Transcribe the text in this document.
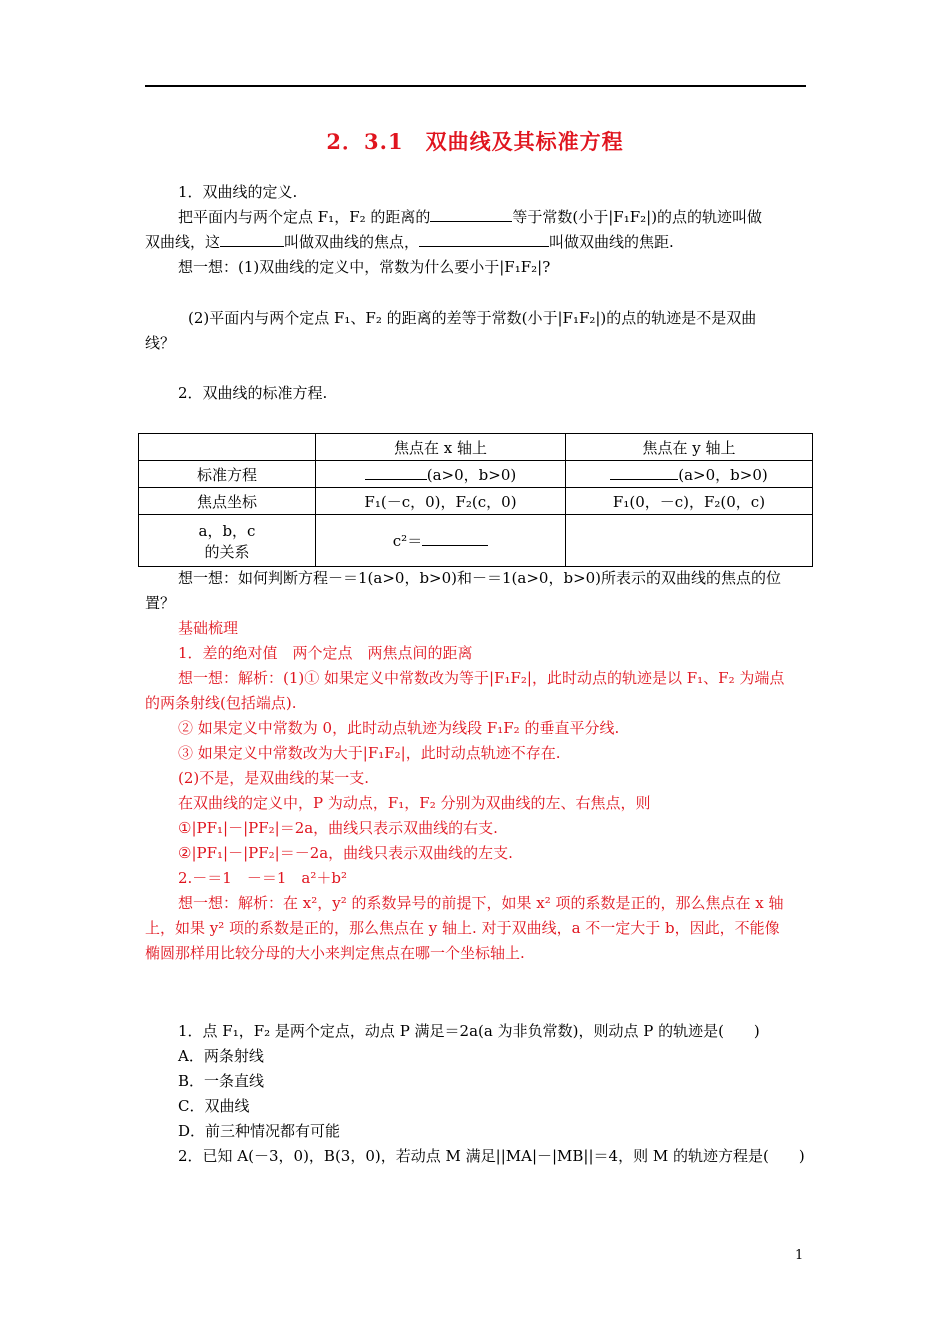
2．3.1　双曲线及其标准方程
1．双曲线的定义.
把平面内与两个定点 F₁，F₂ 的距离的	等于常数(小于|F₁F₂|)的点的轨迹叫做
双曲线，这	叫做双曲线的焦点，	叫做双曲线的焦距.
想一想：(1)双曲线的定义中，常数为什么要小于|F₁F₂|?
(2)平面内与两个定点 F₁、F₂ 的距离的差等于常数(小于|F₁F₂|)的点的轨迹是不是双曲
线？
2．双曲线的标准方程.
	焦点在 x 轴上	焦点在 y 轴上
标准方程	(a>0，b>0)	(a>0，b>0)
焦点坐标	F₁(－c，0)，F₂(c，0)	F₁(0，－c)，F₂(0，c)

a，b，c
的关系	c²＝	
想一想：如何判断方程－＝1(a>0，b>0)和－＝1(a>0，b>0)所表示的双曲线的焦点的位
置？
基础梳理
1．差的绝对值　两个定点　两焦点间的距离
想一想：解析：(1)① 如果定义中常数改为等于|F₁F₂|，此时动点的轨迹是以 F₁、F₂ 为端点
的两条射线(包括端点).
② 如果定义中常数为 0，此时动点轨迹为线段 F₁F₂ 的垂直平分线.
③ 如果定义中常数改为大于|F₁F₂|，此时动点轨迹不存在.
(2)不是，是双曲线的某一支.
在双曲线的定义中，P 为动点，F₁，F₂ 分别为双曲线的左、右焦点，则
①|PF₁|－|PF₂|＝2a，曲线只表示双曲线的右支.
②|PF₁|－|PF₂|＝－2a，曲线只表示双曲线的左支.
2.－＝1　－＝1　a²＋b²
想一想：解析：在 x²，y² 的系数异号的前提下，如果 x² 项的系数是正的，那么焦点在 x 轴
上，如果 y² 项的系数是正的，那么焦点在 y 轴上. 对于双曲线，a 不一定大于 b，因此，不能像
椭圆那样用比较分母的大小来判定焦点在哪一个坐标轴上.
1．点 F₁，F₂ 是两个定点，动点 P 满足＝2a(a 为非负常数)，则动点 P 的轨迹是(　　)
A．两条射线
B．一条直线
C．双曲线
D．前三种情况都有可能
2．已知 A(－3，0)，B(3，0)，若动点 M 满足||MA|－|MB||＝4，则 M 的轨迹方程是(　　)
1
